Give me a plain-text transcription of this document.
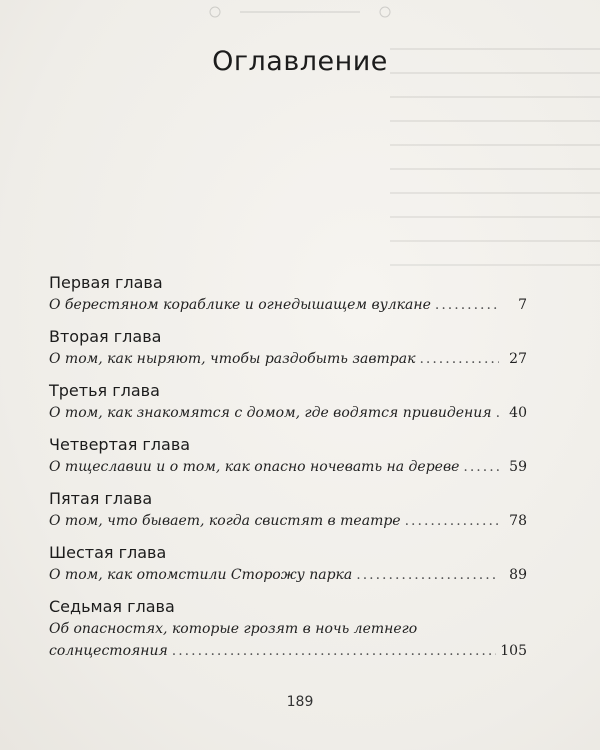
Оглавление
Первая глава
О берестяном кораблике и огнедышащем вулкане .....	7
Вторая глава
О том, как ныряют, чтобы раздобыть завтрак .....	27
Третья глава
О том, как знакомятся с домом, где водятся привидения .....	40
Четвертая глава
О тщеславии и о том, как опасно ночевать на дереве .....	59
Пятая глава
О том, что бывает, когда свистят в театре .....	78
Шестая глава
О том, как отомстили Сторожу парка .....	89
Седьмая глава
Об опасностях, которые грозят в ночь летнего
солнцестояния .....	105
189
